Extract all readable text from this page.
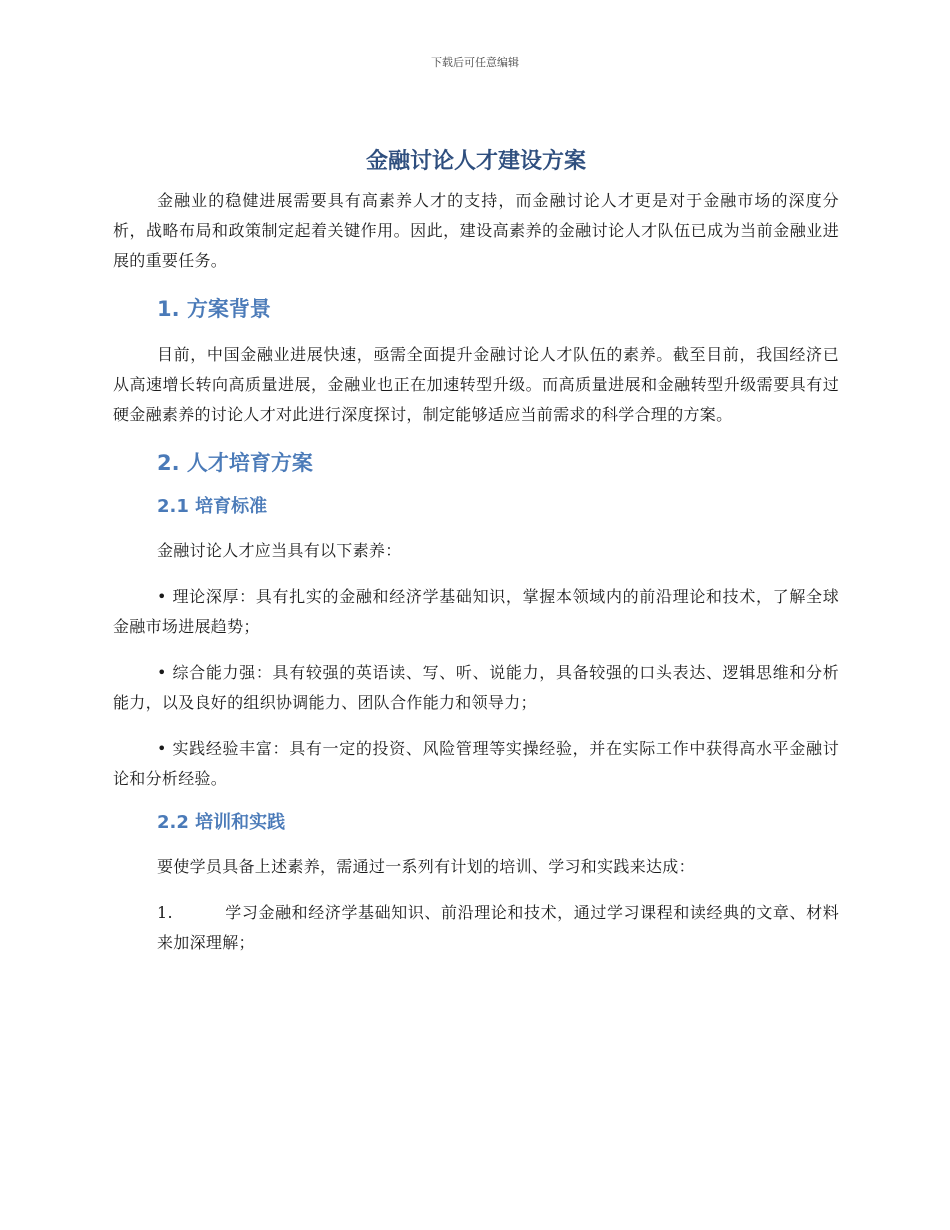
下载后可任意编辑
金融讨论人才建设方案

金融业的稳健进展需要具有高素养人才的支持，而金融讨论人才更是对于金融市场的深度分析，战略布局和政策制定起着关键作用。因此，建设高素养的金融讨论人才队伍已成为当前金融业进展的重要任务。

1. 方案背景

目前，中国金融业进展快速，亟需全面提升金融讨论人才队伍的素养。截至目前，我国经济已从高速增长转向高质量进展，金融业也正在加速转型升级。而高质量进展和金融转型升级需要具有过硬金融素养的讨论人才对此进行深度探讨，制定能够适应当前需求的科学合理的方案。

2. 人才培育方案
2.1 培育标准

金融讨论人才应当具有以下素养：

• 理论深厚：具有扎实的金融和经济学基础知识，掌握本领域内的前沿理论和技术，了解全球金融市场进展趋势；

• 综合能力强：具有较强的英语读、写、听、说能力，具备较强的口头表达、逻辑思维和分析能力，以及良好的组织协调能力、团队合作能力和领导力；

• 实践经验丰富：具有一定的投资、风险管理等实操经验，并在实际工作中获得高水平金融讨论和分析经验。

2.2 培训和实践

要使学员具备上述素养，需通过一系列有计划的培训、学习和实践来达成：

1.	学习金融和经济学基础知识、前沿理论和技术，通过学习课程和读经典的文章、材料来加深理解；
